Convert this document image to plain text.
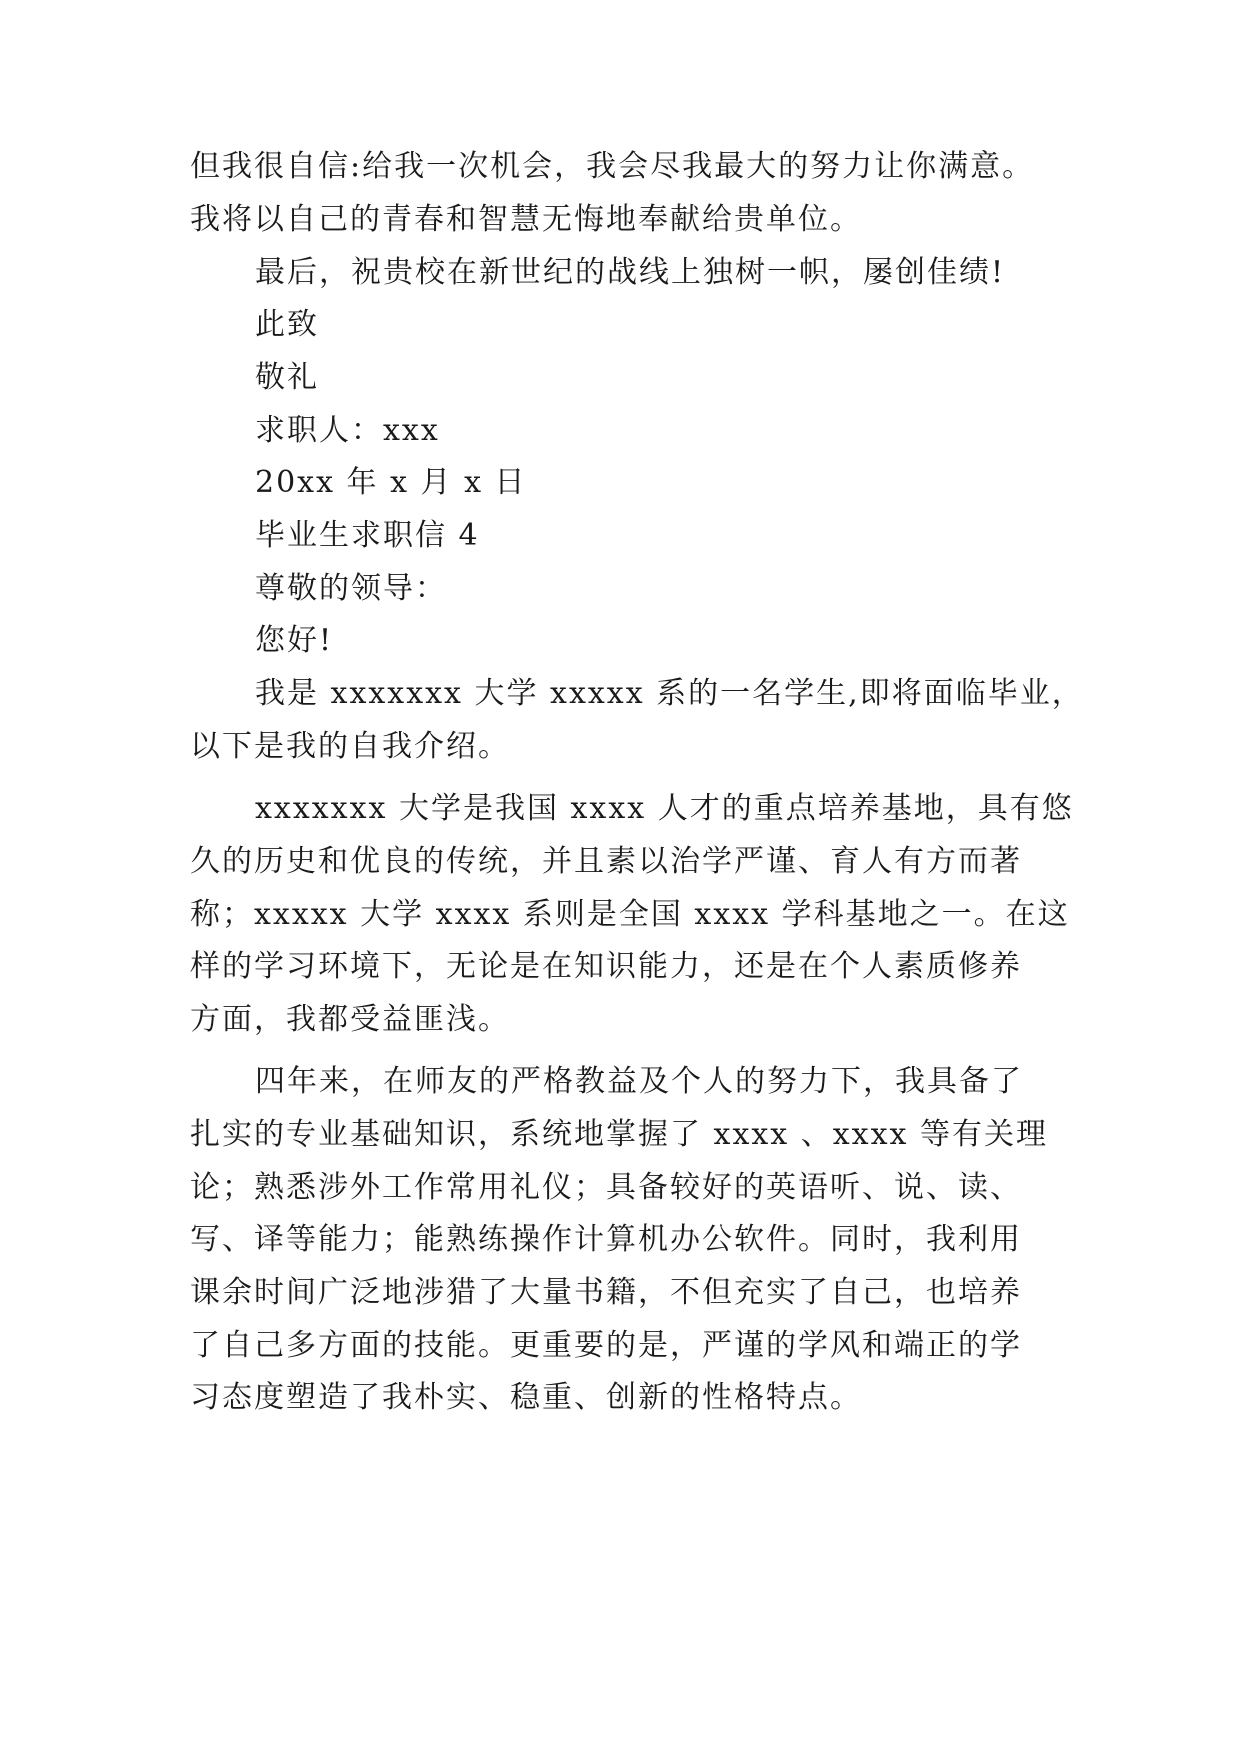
但我很自信:给我一次机会，我会尽我最大的努力让你满意。
我将以自己的青春和智慧无悔地奉献给贵单位。
最后，祝贵校在新世纪的战线上独树一帜，屡创佳绩!
此致
敬礼
求职人：xxx
20xx 年 x 月 x 日
毕业生求职信 4
尊敬的领导：
您好!
我是 xxxxxxx 大学 xxxxx 系的一名学生,即将面临毕业，
以下是我的自我介绍。
xxxxxxx 大学是我国 xxxx 人才的重点培养基地，具有悠
久的历史和优良的传统，并且素以治学严谨、育人有方而著
称；xxxxx 大学 xxxx 系则是全国 xxxx 学科基地之一。在这
样的学习环境下，无论是在知识能力，还是在个人素质修养
方面，我都受益匪浅。
四年来，在师友的严格教益及个人的努力下，我具备了
扎实的专业基础知识，系统地掌握了 xxxx 、xxxx 等有关理
论；熟悉涉外工作常用礼仪；具备较好的英语听、说、读、
写、译等能力；能熟练操作计算机办公软件。同时，我利用
课余时间广泛地涉猎了大量书籍，不但充实了自己，也培养
了自己多方面的技能。更重要的是，严谨的学风和端正的学
习态度塑造了我朴实、稳重、创新的性格特点。
